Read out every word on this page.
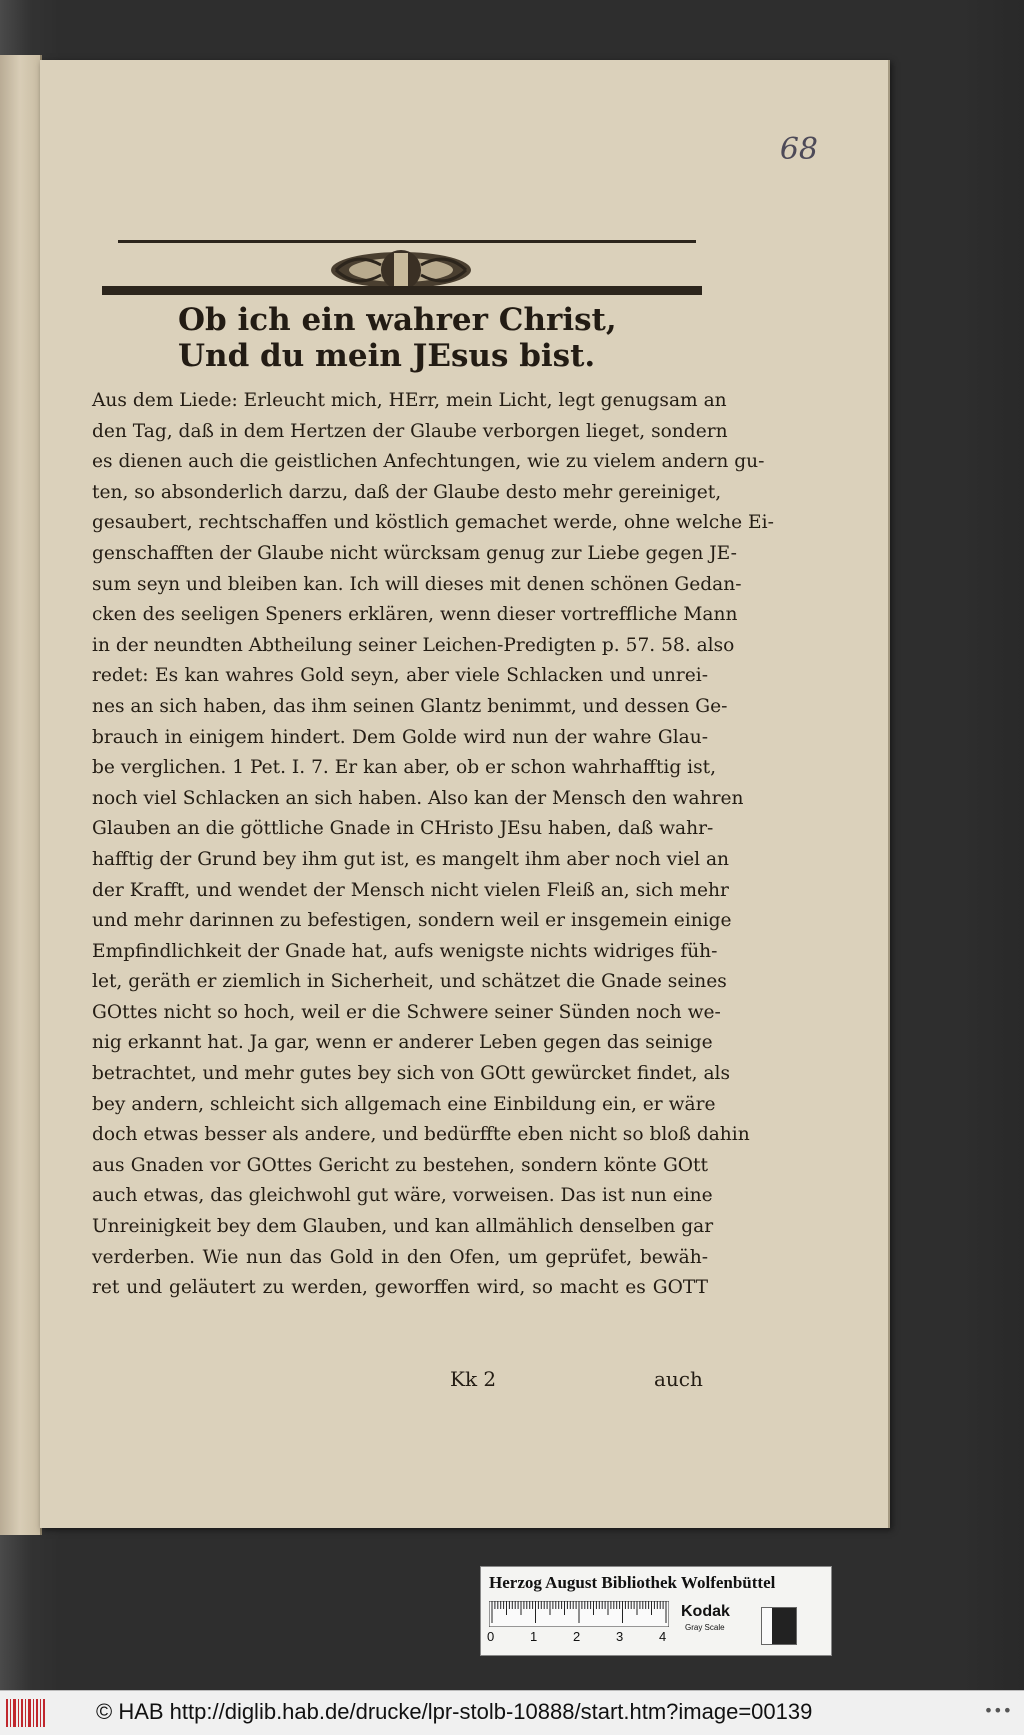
68
Ob ich ein wahrer Christ,
Und du mein JEsus bist.
Aus dem Liede: Erleucht mich, HErr, mein Licht, legt genugsam an
den Tag, daß in dem Hertzen der Glaube verborgen lieget, sondern
es dienen auch die geistlichen Anfechtungen, wie zu vielem andern gu-
ten, so absonderlich darzu, daß der Glaube desto mehr gereiniget,
gesaubert, rechtschaffen und köstlich gemachet werde, ohne welche Ei-
genschafften der Glaube nicht würcksam genug zur Liebe gegen JE-
sum seyn und bleiben kan. Ich will dieses mit denen schönen Gedan-
cken des seeligen Speners erklären, wenn dieser vortreffliche Mann
in der neundten Abtheilung seiner Leichen-Predigten p. 57. 58. also
redet: Es kan wahres Gold seyn, aber viele Schlacken und unrei-
nes an sich haben, das ihm seinen Glantz benimmt, und dessen Ge-
brauch in einigem hindert. Dem Golde wird nun der wahre Glau-
be verglichen. 1 Pet. I. 7. Er kan aber, ob er schon wahrhafftig ist,
noch viel Schlacken an sich haben. Also kan der Mensch den wahren
Glauben an die göttliche Gnade in CHristo JEsu haben, daß wahr-
hafftig der Grund bey ihm gut ist, es mangelt ihm aber noch viel an
der Krafft, und wendet der Mensch nicht vielen Fleiß an, sich mehr
und mehr darinnen zu befestigen, sondern weil er insgemein einige
Empfindlichkeit der Gnade hat, aufs wenigste nichts widriges füh-
let, geräth er ziemlich in Sicherheit, und schätzet die Gnade seines
GOttes nicht so hoch, weil er die Schwere seiner Sünden noch we-
nig erkannt hat. Ja gar, wenn er anderer Leben gegen das seinige
betrachtet, und mehr gutes bey sich von GOtt gewürcket findet, als
bey andern, schleicht sich allgemach eine Einbildung ein, er wäre
doch etwas besser als andere, und bedürffte eben nicht so bloß dahin
aus Gnaden vor GOttes Gericht zu bestehen, sondern könte GOtt
auch etwas, das gleichwohl gut wäre, vorweisen. Das ist nun eine
Unreinigkeit bey dem Glauben, und kan allmählich denselben gar
verderben. Wie nun das Gold in den Ofen, um geprüfet, bewäh-
ret und geläutert zu werden, geworffen wird, so macht es GOTT
Kk 2	auch
Herzog August Bibliothek Wolfenbüttel
0	1	2	3	4
Kodak
Gray Scale
© HAB http://diglib.hab.de/drucke/lpr-stolb-10888/start.htm?image=00139	•••
